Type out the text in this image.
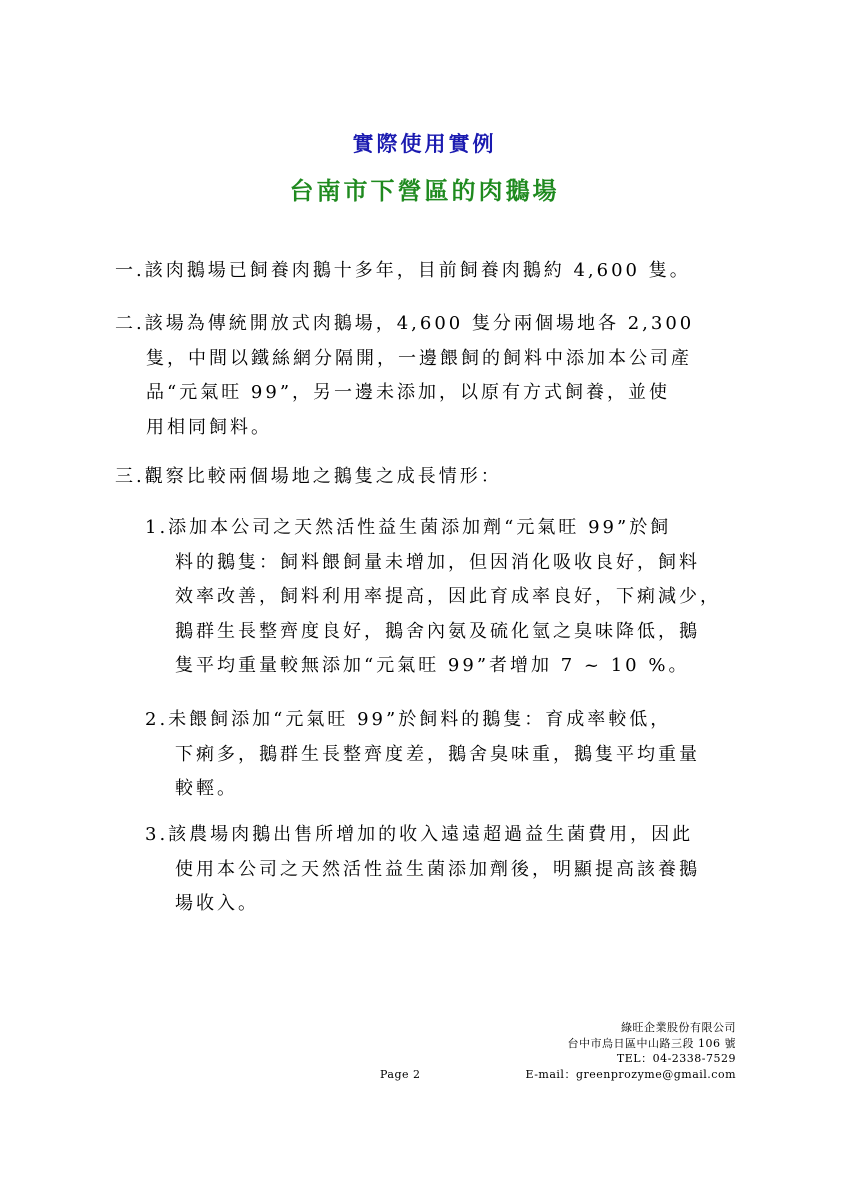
實際使用實例
台南市下營區的肉鵝場
一.該肉鵝場已飼養肉鵝十多年，目前飼養肉鵝約 4,600 隻。
二.該場為傳統開放式肉鵝場，4,600 隻分兩個場地各 2,300
隻，中間以鐵絲網分隔開，一邊餵飼的飼料中添加本公司產
品“元氣旺 99”，另一邊未添加，以原有方式飼養，並使
用相同飼料。
三.觀察比較兩個場地之鵝隻之成長情形：
1.添加本公司之天然活性益生菌添加劑“元氣旺 99”於飼
料的鵝隻：飼料餵飼量未增加，但因消化吸收良好，飼料
效率改善，飼料利用率提高，因此育成率良好，下痢減少，
鵝群生長整齊度良好，鵝舍內氨及硫化氫之臭味降低，鵝
隻平均重量較無添加“元氣旺 99”者增加 7 ~ 10 %。
2.未餵飼添加“元氣旺 99”於飼料的鵝隻：育成率較低，
下痢多，鵝群生長整齊度差，鵝舍臭味重，鵝隻平均重量
較輕。
3.該農場肉鵝出售所增加的收入遠遠超過益生菌費用，因此
使用本公司之天然活性益生菌添加劑後，明顯提高該養鵝
場收入。
綠旺企業股份有限公司
台中市烏日區中山路三段 106 號
TEL：04-2338-7529
E-mail：greenprozyme@gmail.com
Page 2
